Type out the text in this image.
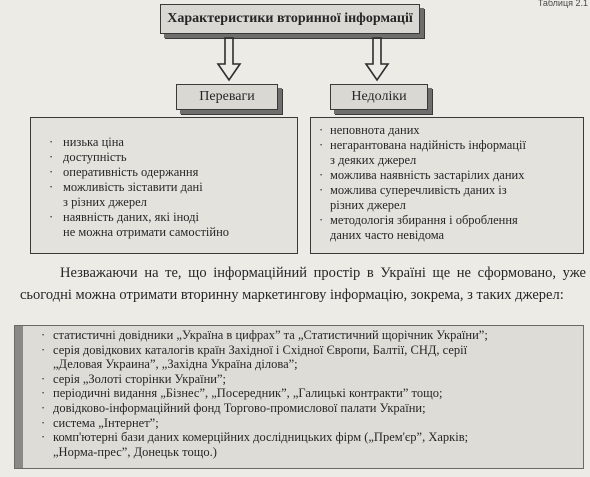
Таблиця 2.1
Характеристики вторинної інформації
Переваги	Недоліки
· низька ціна
· доступність
· оперативність одержання
· можливість зіставити дані
з різних джерел
· наявність даних, які іноді
не можна отримати самостійно
· неповнота даних
· негарантована надійність інформації
з деяких джерел
· можлива наявність застарілих даних
· можлива суперечливість даних із
різних джерел
· методологія збирання і оброблення
даних часто невідома

Незважаючи на те, що інформаційний простір в Україні ще не сформовано, уже сьогодні можна отримати вторинну маркетингову інформацію, зокрема, з таких джерел:

· статистичні довідники „Україна в цифрах” та „Статистичний щорічник України”;
· серія довідкових каталогів країн Західної і Східної Європи, Балтії, СНД, серії
„Деловая Украина”, „Західна Україна ділова”;
· серія „Золоті сторінки України”;
· періодичні видання „Бізнес”, „Посередник”, „Галицькі контракти” тощо;
· довідково-інформаційний фонд Торгово-промислової палати України;
· система „Інтернет”;
· комп'ютерні бази даних комерційних дослідницьких фірм („Прем'єр”, Харків;
„Норма-прес”, Донецьк тощо.)
